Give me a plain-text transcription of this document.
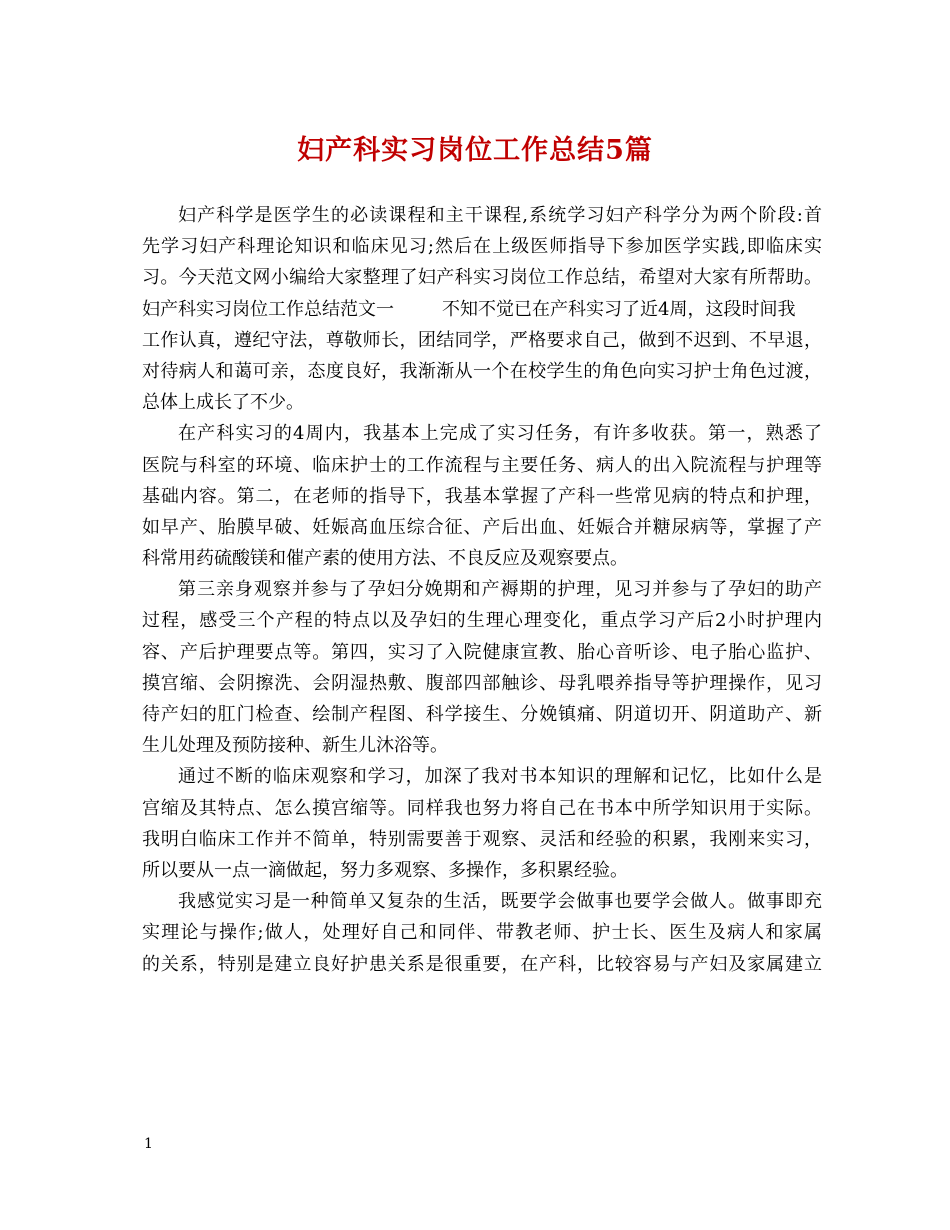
妇产科实习岗位工作总结5篇
妇产科学是医学生的必读课程和主干课程,系统学习妇产科学分为两个阶段:首
先学习妇产科理论知识和临床见习;然后在上级医师指导下参加医学实践,即临床实
习。今天范文网小编给大家整理了妇产科实习岗位工作总结，希望对大家有所帮助。
妇产科实习岗位工作总结范文一	不知不觉已在产科实习了近4周，这段时间我
工作认真，遵纪守法，尊敬师长，团结同学，严格要求自己，做到不迟到、不早退，
对待病人和蔼可亲，态度良好，我渐渐从一个在校学生的角色向实习护士角色过渡，
总体上成长了不少。
在产科实习的4周内，我基本上完成了实习任务，有许多收获。第一，熟悉了
医院与科室的环境、临床护士的工作流程与主要任务、病人的出入院流程与护理等
基础内容。第二，在老师的指导下，我基本掌握了产科一些常见病的特点和护理，
如早产、胎膜早破、妊娠高血压综合征、产后出血、妊娠合并糖尿病等，掌握了产
科常用药硫酸镁和催产素的使用方法、不良反应及观察要点。
第三亲身观察并参与了孕妇分娩期和产褥期的护理，见习并参与了孕妇的助产
过程，感受三个产程的特点以及孕妇的生理心理变化，重点学习产后2小时护理内
容、产后护理要点等。第四，实习了入院健康宣教、胎心音听诊、电子胎心监护、
摸宫缩、会阴擦洗、会阴湿热敷、腹部四部触诊、母乳喂养指导等护理操作，见习
待产妇的肛门检查、绘制产程图、科学接生、分娩镇痛、阴道切开、阴道助产、新
生儿处理及预防接种、新生儿沐浴等。
通过不断的临床观察和学习，加深了我对书本知识的理解和记忆，比如什么是
宫缩及其特点、怎么摸宫缩等。同样我也努力将自己在书本中所学知识用于实际。
我明白临床工作并不简单，特别需要善于观察、灵活和经验的积累，我刚来实习，
所以要从一点一滴做起，努力多观察、多操作，多积累经验。
我感觉实习是一种简单又复杂的生活，既要学会做事也要学会做人。做事即充
实理论与操作;做人，处理好自己和同伴、带教老师、护士长、医生及病人和家属
的关系，特别是建立良好护患关系是很重要，在产科，比较容易与产妇及家属建立
1
